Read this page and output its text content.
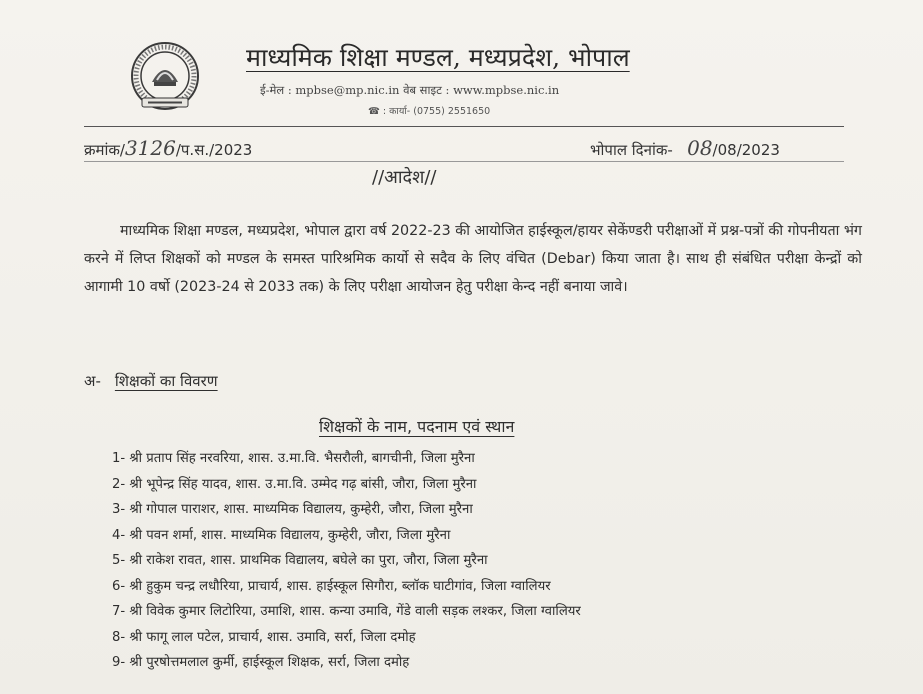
माध्यमिक शिक्षा मण्डल, मध्यप्रदेश, भोपाल
ई-मेल : mpbse@mp.nic.in वेब साइट : www.mpbse.nic.in
☎ : कार्या- (0755) 2551650
क्रमांक/3126/प.स./2023	भोपाल दिनांक- 08/08/2023
//आदेश//

माध्यमिक शिक्षा मण्डल, मध्यप्रदेश, भोपाल द्वारा वर्ष 2022-23 की आयोजित हाईस्कूल/हायर सेकेंण्डरी परीक्षाओं में प्रश्न-पत्रों की गोपनीयता भंग करने में लिप्त शिक्षकों को मण्डल के समस्त पारिश्रमिक कार्यो से सदैव के लिए वंचित (Debar) किया जाता है। साथ ही संबंधित परीक्षा केन्द्रों को आगामी 10 वर्षो (2023-24 से 2033 तक) के लिए परीक्षा आयोजन हेतु परीक्षा केन्द नहीं बनाया जावे।

अ- शिक्षकों का विवरण
शिक्षकों के नाम, पदनाम एवं स्थान
1- श्री प्रताप सिंह नरवरिया, शास. उ.मा.वि. भैसरौली, बागचीनी, जिला मुरैना
2- श्री भूपेन्द्र सिंह यादव, शास. उ.मा.वि. उम्मेद गढ़ बांसी, जौरा, जिला मुरैना
3- श्री गोपाल पाराशर, शास. माध्यमिक विद्यालय, कुम्हेरी, जौरा, जिला मुरैना
4- श्री पवन शर्मा, शास. माध्यमिक विद्यालय, कुम्हेरी, जौरा, जिला मुरैना
5- श्री राकेश रावत, शास. प्राथमिक विद्यालय, बघेले का पुरा, जौरा, जिला मुरैना
6- श्री हुकुम चन्द्र लधौरिया, प्राचार्य, शास. हाईस्कूल सिगौरा, ब्लॉक घाटीगांव, जिला ग्वालियर
7- श्री विवेक कुमार लिटोरिया, उमाशि, शास. कन्या उमावि, गेंडे वाली सड़क लश्कर, जिला ग्वालियर
8- श्री फागू लाल पटेल, प्राचार्य, शास. उमावि, सर्रा, जिला दमोह
9- श्री पुरषोत्तमलाल कुर्मी, हाईस्कूल शिक्षक, सर्रा, जिला दमोह
